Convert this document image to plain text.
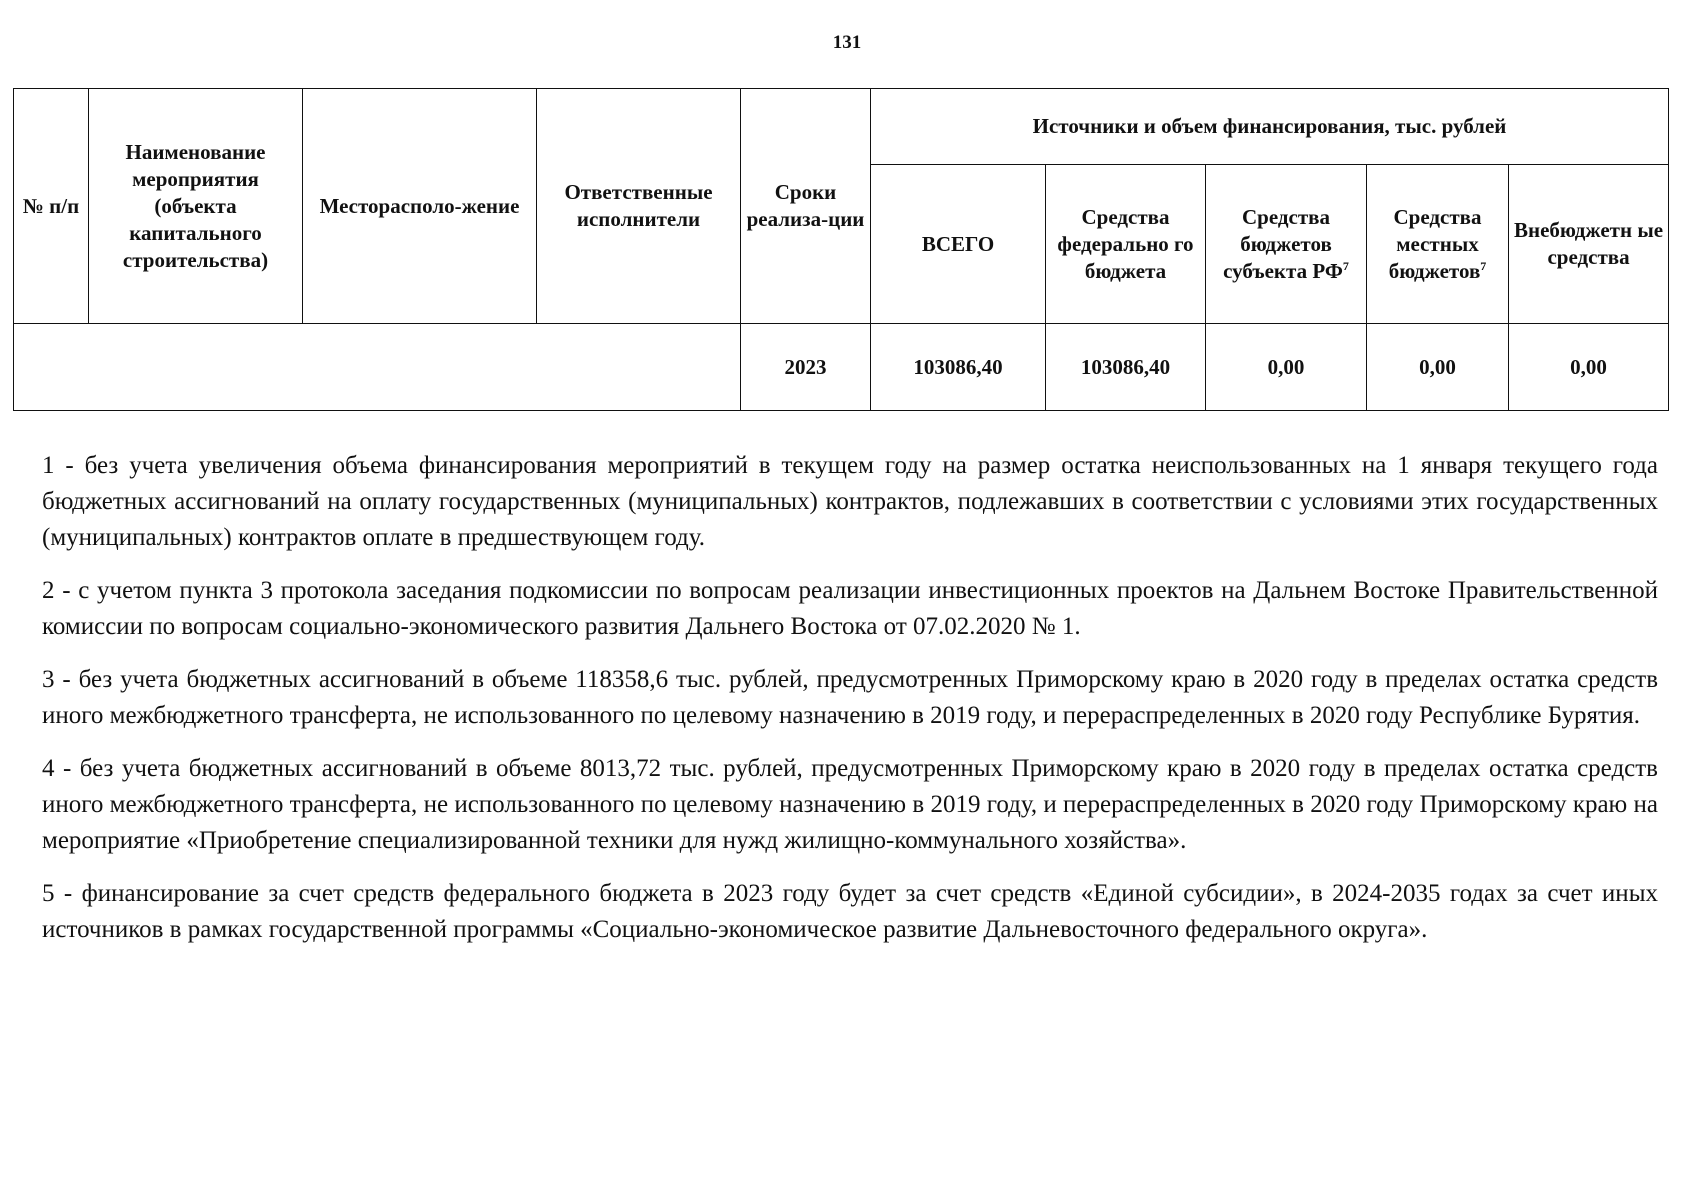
131
№ п/п	Наименование мероприятия (объекта капитального строительства)	Месторасполо-жение	Ответственные исполнители	Сроки реализа-ции	Источники и объем финансирования, тыс. рублей				
					ВСЕГО	Средства федерально го бюджета	Средства бюджетов субъекта $РФ^7$	Средства местных бюджетов$^7$	Внебюджетн ые средства
				2023	103086,40	103086,40	0,00	0,00	0,00

1 - без учета увеличения объема финансирования мероприятий в текущем году на размер остатка неиспользованных на 1 января текущего года бюджетных ассигнований на оплату государственных (муниципальных) контрактов, подлежавших в соответствии с условиями этих государственных (муниципальных) контрактов оплате в предшествующем году.

2 - с учетом пункта 3 протокола заседания подкомиссии по вопросам реализации инвестиционных проектов на Дальнем Востоке Правительственной комиссии по вопросам социально-экономического развития Дальнего Востока от 07.02.2020 № 1.

3 - без учета бюджетных ассигнований в объеме 118358,6 тыс. рублей, предусмотренных Приморскому краю в 2020 году в пределах остатка средств иного межбюджетного трансферта, не использованного по целевому назначению в 2019 году, и перераспределенных в 2020 году Республике Бурятия.

4 - без учета бюджетных ассигнований в объеме 8013,72 тыс. рублей, предусмотренных Приморскому краю в 2020 году в пределах остатка средств иного межбюджетного трансферта, не использованного по целевому назначению в 2019 году, и перераспределенных в 2020 году Приморскому краю на мероприятие «Приобретение специализированной техники для нужд жилищно-коммунального хозяйства».

5 - финансирование за счет средств федерального бюджета в 2023 году будет за счет средств «Единой субсидии», в 2024-2035 годах за счет иных источников в рамках государственной программы «Социально-экономическое развитие Дальневосточного федерального округа».
